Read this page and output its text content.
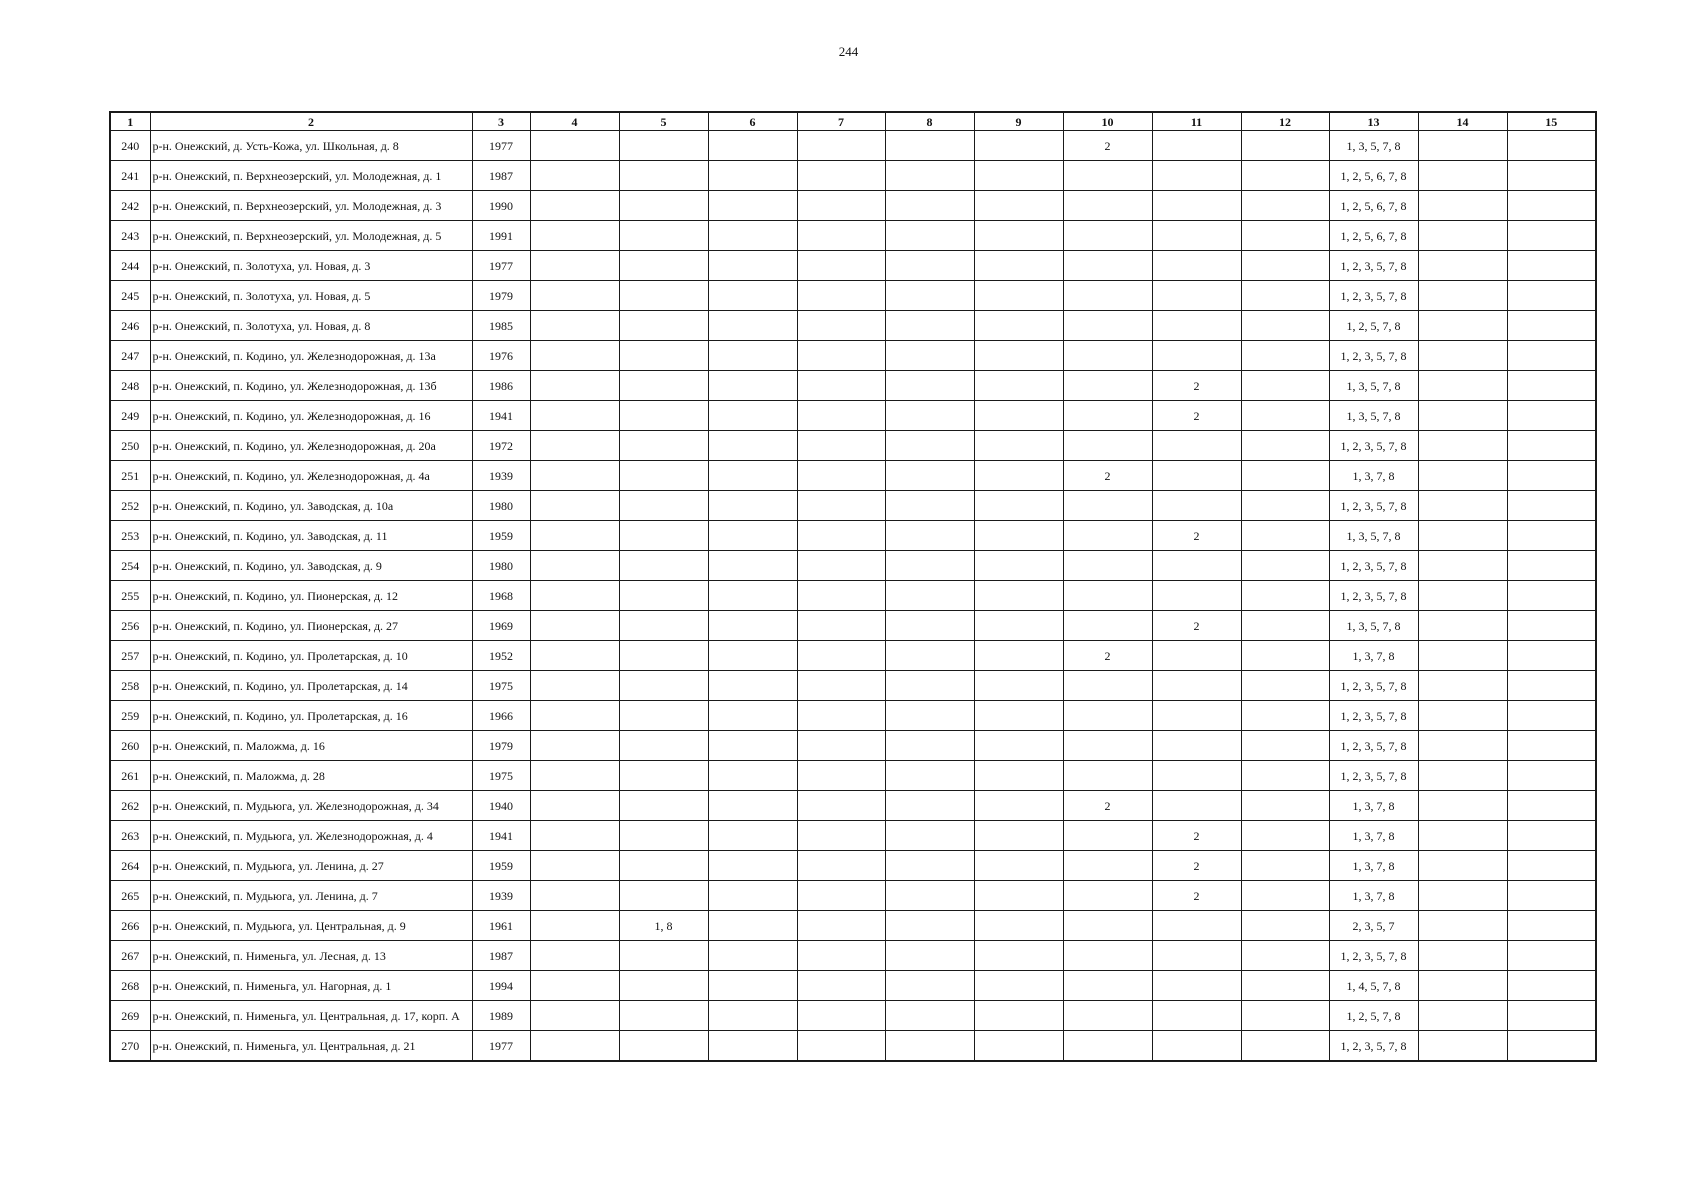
244
1	2	3	4	5	6	7	8	9	10	11	12	13	14	15
240	р-н. Онежский, д. Усть-Кожа, ул. Школьная, д. 8	1977							2			1, 3, 5, 7, 8		
241	р-н. Онежский, п. Верхнеозерский, ул. Молодежная, д. 1	1987										1, 2, 5, 6, 7, 8		
242	р-н. Онежский, п. Верхнеозерский, ул. Молодежная, д. 3	1990										1, 2, 5, 6, 7, 8		
243	р-н. Онежский, п. Верхнеозерский, ул. Молодежная, д. 5	1991										1, 2, 5, 6, 7, 8		
244	р-н. Онежский, п. Золотуха, ул. Новая, д. 3	1977										1, 2, 3, 5, 7, 8		
245	р-н. Онежский, п. Золотуха, ул. Новая, д. 5	1979										1, 2, 3, 5, 7, 8		
246	р-н. Онежский, п. Золотуха, ул. Новая, д. 8	1985										1, 2, 5, 7, 8		
247	р-н. Онежский, п. Кодино, ул. Железнодорожная, д. 13а	1976										1, 2, 3, 5, 7, 8		
248	р-н. Онежский, п. Кодино, ул. Железнодорожная, д. 13б	1986								2		1, 3, 5, 7, 8		
249	р-н. Онежский, п. Кодино, ул. Железнодорожная, д. 16	1941								2		1, 3, 5, 7, 8		
250	р-н. Онежский, п. Кодино, ул. Железнодорожная, д. 20а	1972										1, 2, 3, 5, 7, 8		
251	р-н. Онежский, п. Кодино, ул. Железнодорожная, д. 4а	1939							2			1, 3, 7, 8		
252	р-н. Онежский, п. Кодино, ул. Заводская, д. 10а	1980										1, 2, 3, 5, 7, 8		
253	р-н. Онежский, п. Кодино, ул. Заводская, д. 11	1959								2		1, 3, 5, 7, 8		
254	р-н. Онежский, п. Кодино, ул. Заводская, д. 9	1980										1, 2, 3, 5, 7, 8		
255	р-н. Онежский, п. Кодино, ул. Пионерская, д. 12	1968										1, 2, 3, 5, 7, 8		
256	р-н. Онежский, п. Кодино, ул. Пионерская, д. 27	1969								2		1, 3, 5, 7, 8		
257	р-н. Онежский, п. Кодино, ул. Пролетарская, д. 10	1952							2			1, 3, 7, 8		
258	р-н. Онежский, п. Кодино, ул. Пролетарская, д. 14	1975										1, 2, 3, 5, 7, 8		
259	р-н. Онежский, п. Кодино, ул. Пролетарская, д. 16	1966										1, 2, 3, 5, 7, 8		
260	р-н. Онежский, п. Маложма, д. 16	1979										1, 2, 3, 5, 7, 8		
261	р-н. Онежский, п. Маложма, д. 28	1975										1, 2, 3, 5, 7, 8		
262	р-н. Онежский, п. Мудьюга, ул. Железнодорожная, д. 34	1940							2			1, 3, 7, 8		
263	р-н. Онежский, п. Мудьюга, ул. Железнодорожная, д. 4	1941								2		1, 3, 7, 8		
264	р-н. Онежский, п. Мудьюга, ул. Ленина, д. 27	1959								2		1, 3, 7, 8		
265	р-н. Онежский, п. Мудьюга, ул. Ленина, д. 7	1939								2		1, 3, 7, 8		
266	р-н. Онежский, п. Мудьюга, ул. Центральная, д. 9	1961		1, 8								2, 3, 5, 7		
267	р-н. Онежский, п. Нименьга, ул. Лесная, д. 13	1987										1, 2, 3, 5, 7, 8		
268	р-н. Онежский, п. Нименьга, ул. Нагорная, д. 1	1994										1, 4, 5, 7, 8		
269	р-н. Онежский, п. Нименьга, ул. Центральная, д. 17, корп. А	1989										1, 2, 5, 7, 8		
270	р-н. Онежский, п. Нименьга, ул. Центральная, д. 21	1977										1, 2, 3, 5, 7, 8		
